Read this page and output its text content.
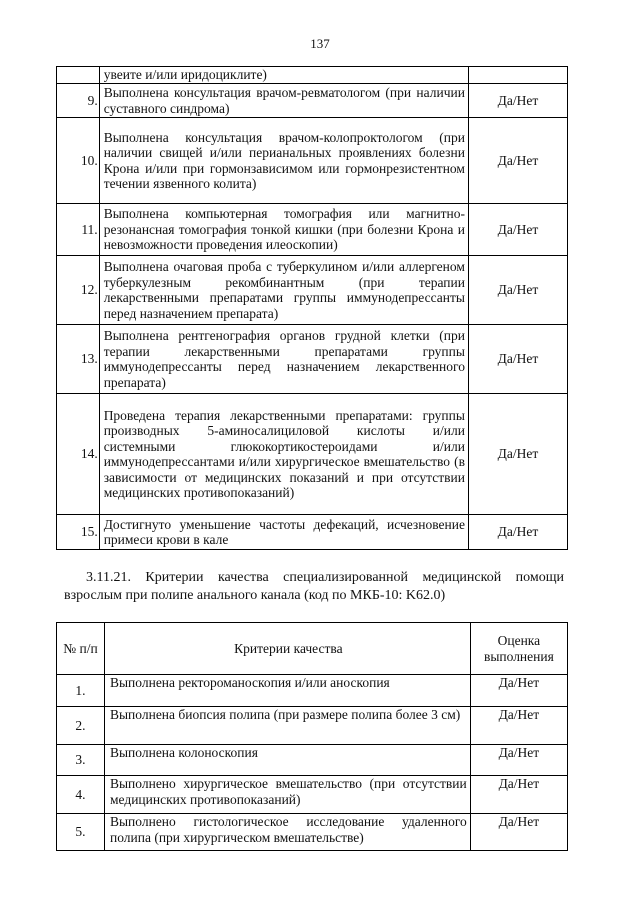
137
	увеите и/или иридоциклите)	
9.	Выполнена консультация врачом-ревматологом (при наличии суставного синдрома)	Да/Нет
10.	Выполнена консультация врачом-колопроктологом (при наличии свищей и/или перианальных проявлениях болезни Крона и/или при гормонзависимом или гормонрезистентном течении язвенного колита)	Да/Нет
11.	Выполнена компьютерная томография или магнитно-резонансная томография тонкой кишки (при болезни Крона и невозможности проведения илеоскопии)	Да/Нет
12.	Выполнена очаговая проба с туберкулином и/или аллергеном туберкулезным рекомбинантным (при терапии лекарственными препаратами группы иммунодепрессанты перед назначением препарата)	Да/Нет
13.	Выполнена рентгенография органов грудной клетки (при терапии лекарственными препаратами группы иммунодепрессанты перед назначением лекарственного препарата)	Да/Нет
14.	Проведена терапия лекарственными препаратами: группы производных 5-аминосалициловой кислоты и/или системными глюкокортикостероидами и/или иммунодепрессантами и/или хирургическое вмешательство (в зависимости от медицинских показаний и при отсутствии медицинских противопоказаний)	Да/Нет
15.	Достигнуто уменьшение частоты дефекаций, исчезновение примеси крови в кале	Да/Нет
3.11.21. Критерии качества специализированной медицинской помощи взрослым при полипе анального канала (код по МКБ-10: K62.0)
№ п/п	Критерии качества	Оценка выполнения
1.	Выполнена ректороманоскопия и/или аноскопия	Да/Нет
2.	Выполнена биопсия полипа (при размере полипа более 3 см)	Да/Нет
3.	Выполнена колоноскопия	Да/Нет
4.	Выполнено хирургическое вмешательство (при отсутствии медицинских противопоказаний)	Да/Нет
5.	Выполнено гистологическое исследование удаленного полипа (при хирургическом вмешательстве)	Да/Нет
